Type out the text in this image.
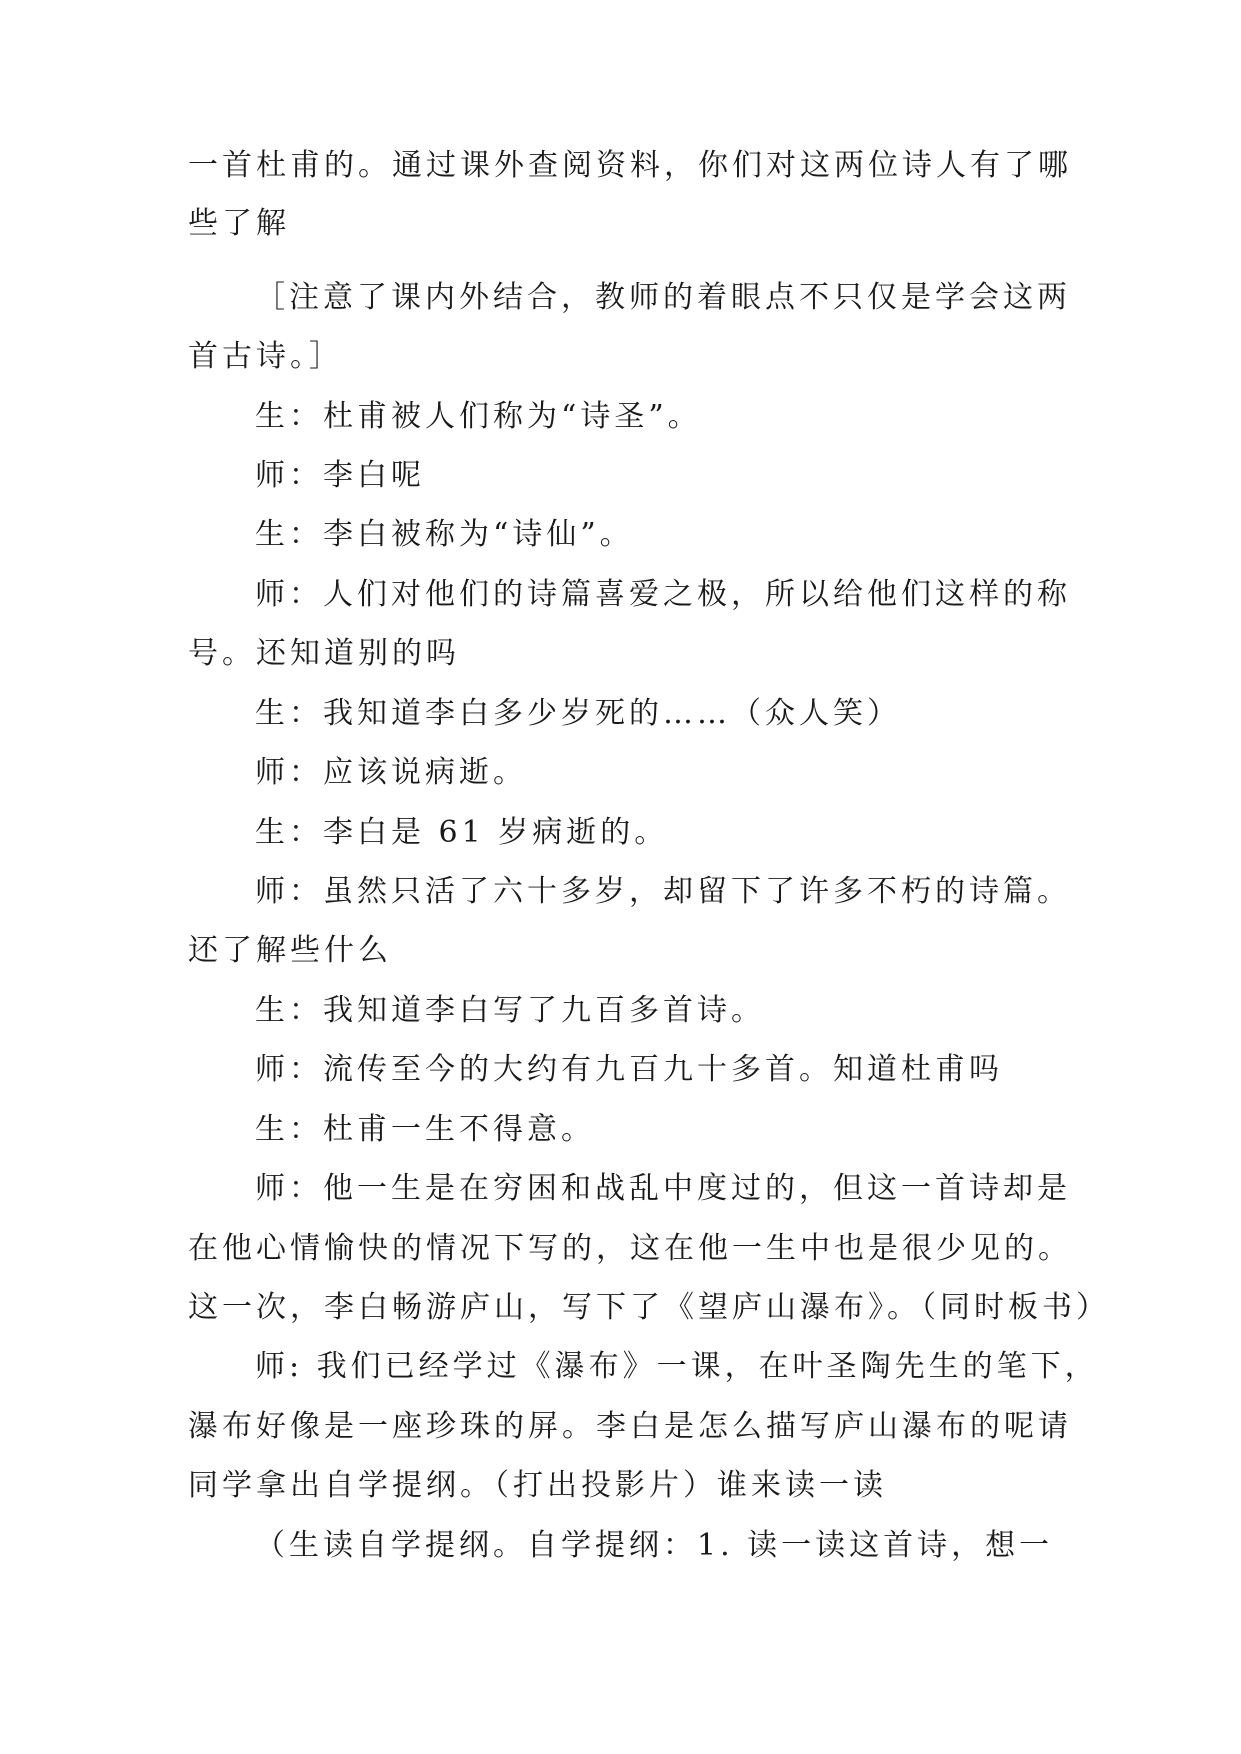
一首杜甫的。通过课外查阅资料，你们对这两位诗人有了哪
些了解
［注意了课内外结合，教师的着眼点不只仅是学会这两
首古诗。］
生：杜甫被人们称为“诗圣”。
师：李白呢
生：李白被称为“诗仙”。
师：人们对他们的诗篇喜爱之极，所以给他们这样的称
号。还知道别的吗
生：我知道李白多少岁死的……（众人笑）
师：应该说病逝。
生：李白是 61 岁病逝的。
师：虽然只活了六十多岁，却留下了许多不朽的诗篇。
还了解些什么
生：我知道李白写了九百多首诗。
师：流传至今的大约有九百九十多首。知道杜甫吗
生：杜甫一生不得意。
师：他一生是在穷困和战乱中度过的，但这一首诗却是
在他心情愉快的情况下写的，这在他一生中也是很少见的。
这一次，李白畅游庐山，写下了《望庐山瀑布》。（同时板书）
师: 我们已经学过《瀑布》一课，在叶圣陶先生的笔下，
瀑布好像是一座珍珠的屏。李白是怎么描写庐山瀑布的呢请
同学拿出自学提纲。（打出投影片）谁来读一读
（生读自学提纲。自学提纲：1. 读一读这首诗，想一
